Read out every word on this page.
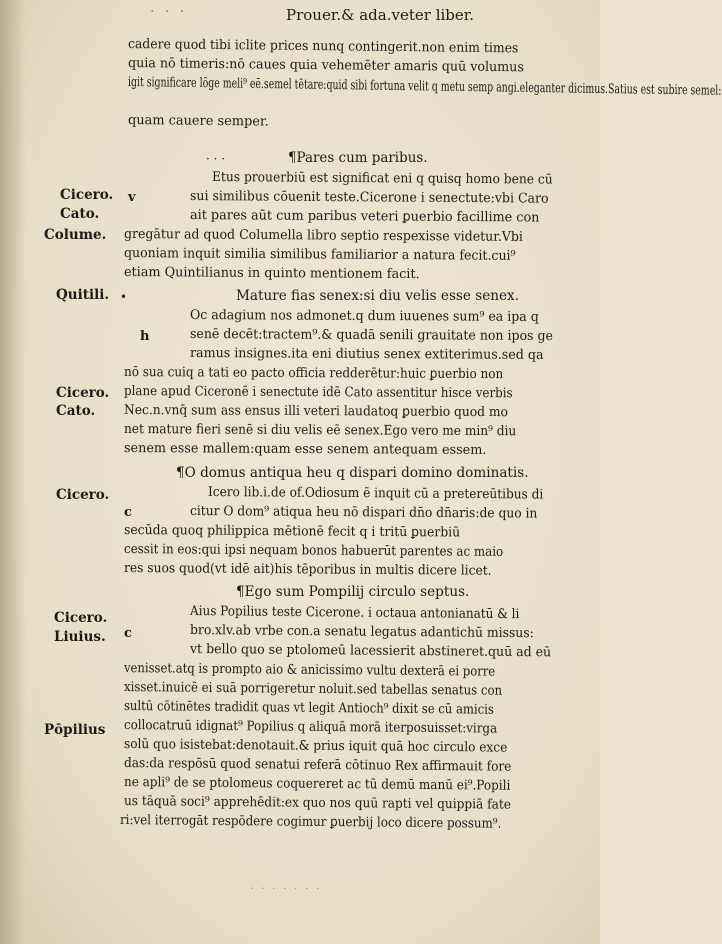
· · ·	Prouer.& ada.veter liber.
cadere quod tibi iclite prices nunq contingerit.non enim times
quia nō timeris:nō caues quia vehemēter amaris quū volumus
igit significare lōge meli⁹ eē.semel tētare:quid sibi fortuna velit q metu semp angi.eleganter dicimus.Satius est subire semel:
quam cauere semper.
¶Pares cum paribus.
Etus prouerbiū est significat eni q quisq homo bene cū
sui similibus cōuenit teste.Cicerone i senectute:vbi Caro
ait pares aūt cum paribus veteri ꝑuerbio facillime con
gregātur ad quod Columella libro septio respexisse videtur.Vbi
quoniam inquit similia similibus familiarior a natura fecit.cui⁹
etiam Quintilianus in quinto mentionem facit.
Mature fias senex:si diu velis esse senex.
Oc adagium nos admonet.q dum iuuenes sum⁹ ea ipa q
senē decēt:tractem⁹.& quadā senili grauitate non ipos ge
ramus insignes.ita eni diutius senex extiterimus.sed qa
nō sua cuiq a tati eo pacto officia redderētur:huic ꝑuerbio non
plane apud Ciceronē i senectute idē Cato assentitur hisce verbis
Nec.n.vnq̄ sum ass ensus illi veteri laudatoq ꝑuerbio quod mo
net mature fieri senē si diu velis eē senex.Ego vero me min⁹ diu
senem esse mallem:quam esse senem antequam essem.
¶O domus antiqua heu q dispari domino dominatis.
Icero lib.i.de of.Odiosum ē inquit cū a pretereūtibus di
citur O dom⁹ atiqua heu nō dispari dn̄o dn̄aris:de quo in
secūda quoq philippica mētionē fecit q i tritū ꝑuerbiū
cessit in eos:qui ipsi nequam bonos habuerūt parentes ac maio
res suos quod(vt idē ait)his tēporibus in multis dicere licet.
¶Ego sum Pompilij circulo septus.
Aius Popilius teste Cicerone. i octaua antonianatū & li
bro.xlv.ab vrbe con.a senatu legatus adantichū missus:
vt bello quo se ptolomeū lacessierit abstineret.quū ad eū
venisset.atq is prompto aio & anicissimo vultu dexterā ei porre
xisset.inuicē ei suā porrigeretur noluit.sed tabellas senatus con
sultū cōtinētes tradidit quas vt legit Antioch⁹ dixit se cū amicis
collocatruū idignat⁹ Popilius q aliquā morā iterposuisset:virga
solū quo isistebat:denotauit.& prius iquit quā hoc circulo exce
das:da respōsū quod senatui referā cōtinuo Rex affirmauit fore
ne apli⁹ de se ptolomeus coquereret ac tū demū manū ei⁹.Popili
us tāquā soci⁹ apprehēdit:ex quo nos quū rapti vel quippiā fate
ri:vel iterrogāt respōdere cogimur ꝑuerbij loco dicere possum⁹.
Cicero.
Cato.
Colume.
Quitili.
Cicero.
Cato.
Cicero.
Cicero.
Liuius.
Pōpilius
v
h
c
c
•
· · ·
· · · · · · ·
